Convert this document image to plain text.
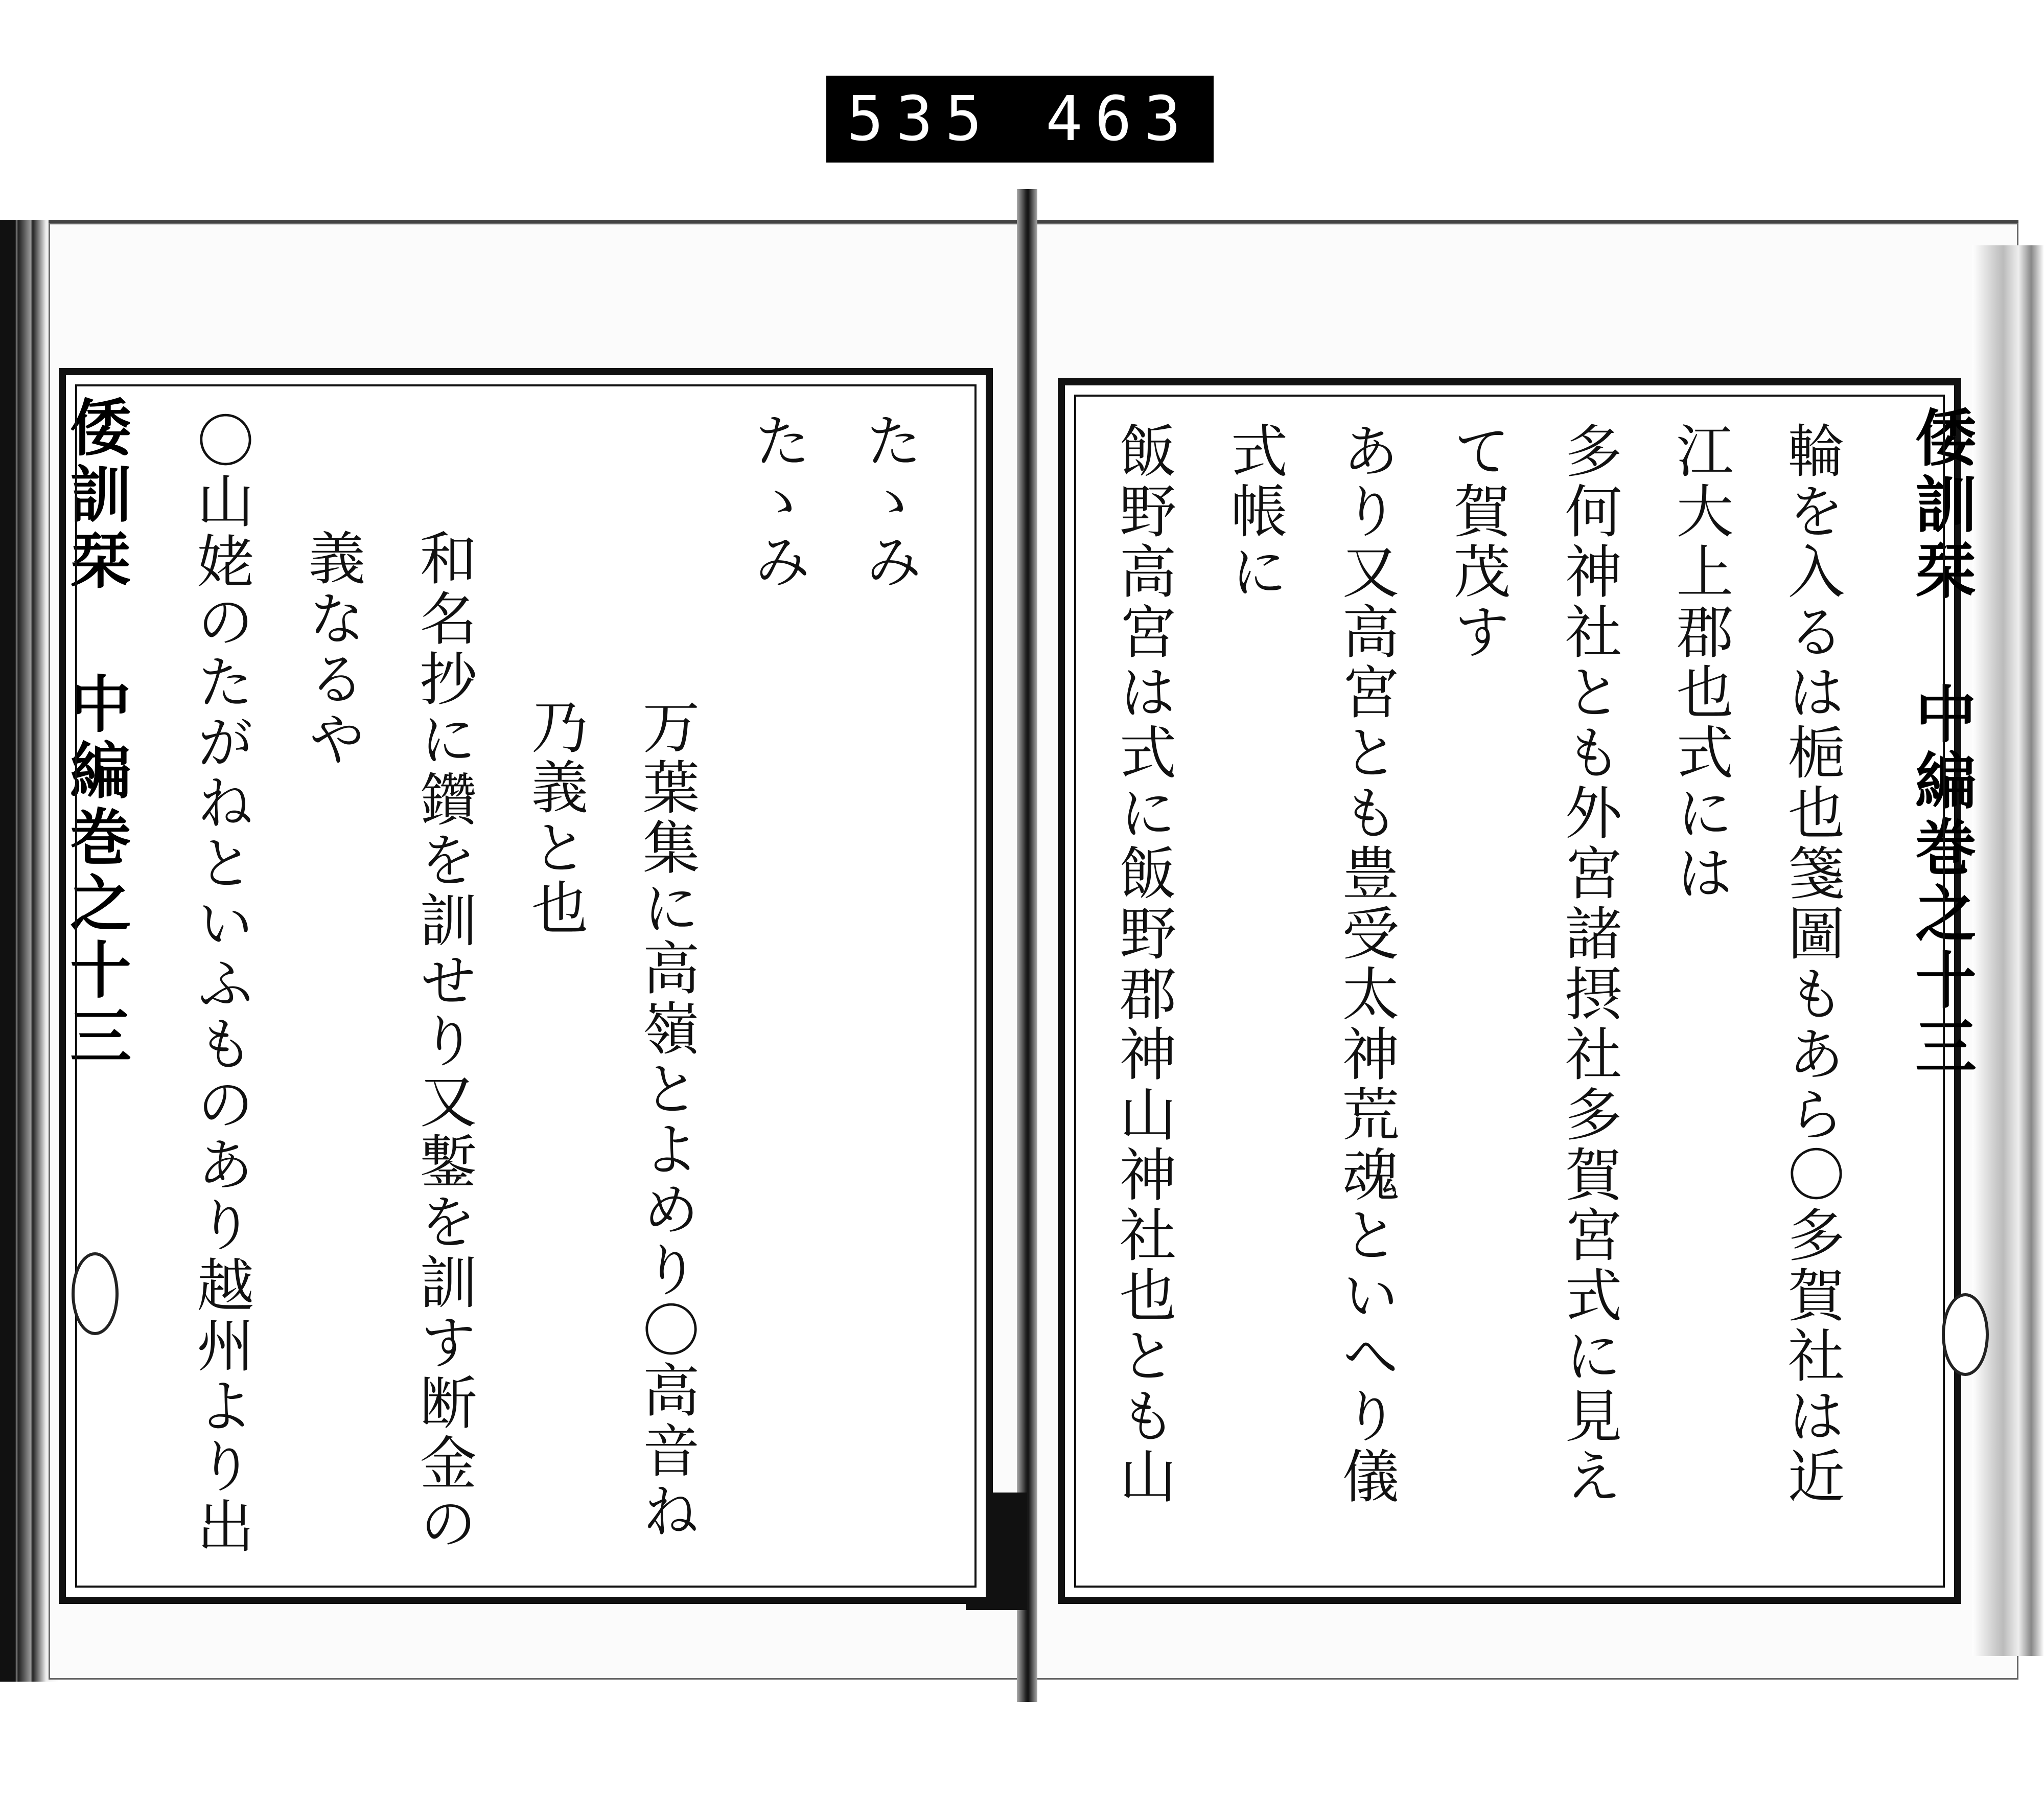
535 463
倭訓栞 中編巻之十三	たゝみ
たゝみ
万葉集に高嶺とよめり〇高音ね乃義と也
和名抄に鑽を訓せり又鏨を訓す断金の義なるや
〇山姥のたがねといふものあり越州より出
輪を入るは梔也箋圖もあら〇多賀社は近江大上郡也式には
多何神社とも外宮諸摂社多賀宮式に見えて賀茂す
あり又高宮とも豊受太神荒魂といへり儀式帳に
飯野高宮は式に飯野郡神山神社也とも山
倭訓栞 中編巻之十三
